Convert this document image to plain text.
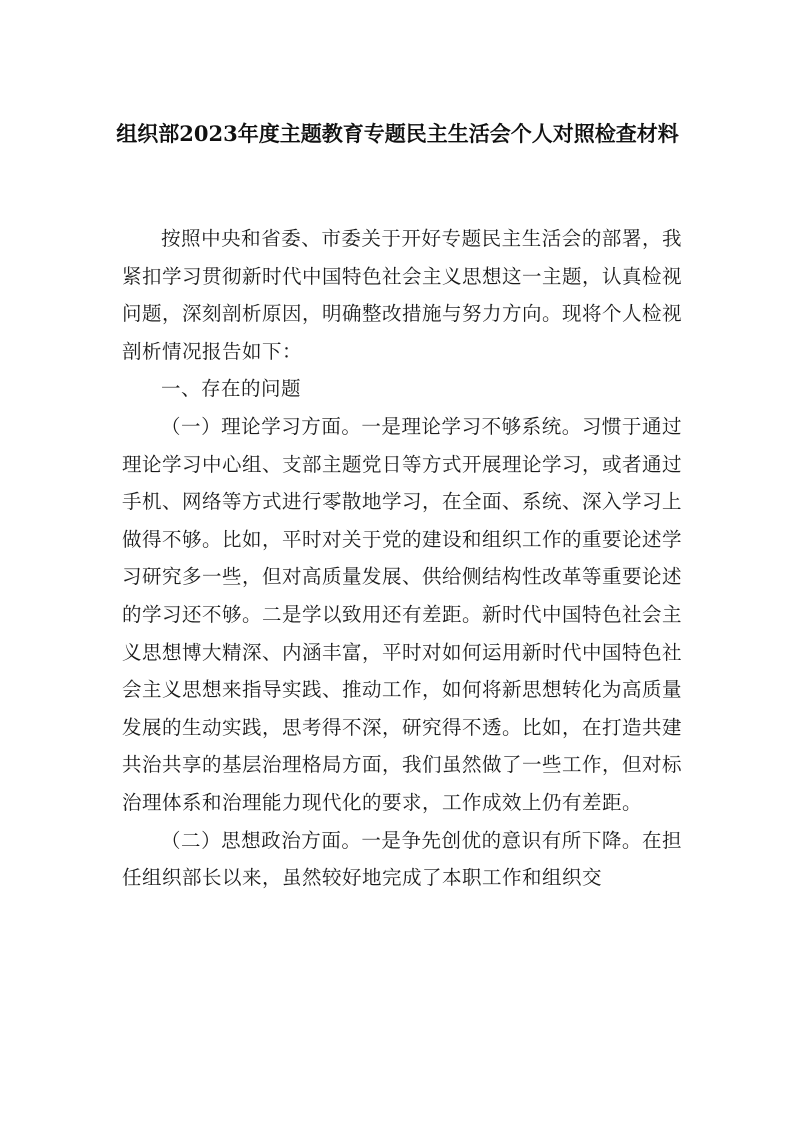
组织部2023年度主题教育专题民主生活会个人对照检查材料

按照中央和省委、市委关于开好专题民主生活会的部署，我紧扣学习贯彻新时代中国特色社会主义思想这一主题，认真检视问题，深刻剖析原因，明确整改措施与努力方向。现将个人检视剖析情况报告如下：

一、存在的问题

（一）理论学习方面。一是理论学习不够系统。习惯于通过理论学习中心组、支部主题党日等方式开展理论学习，或者通过手机、网络等方式进行零散地学习，在全面、系统、深入学习上做得不够。比如，平时对关于党的建设和组织工作的重要论述学习研究多一些，但对高质量发展、供给侧结构性改革等重要论述的学习还不够。二是学以致用还有差距。新时代中国特色社会主义思想博大精深、内涵丰富，平时对如何运用新时代中国特色社会主义思想来指导实践、推动工作，如何将新思想转化为高质量发展的生动实践，思考得不深，研究得不透。比如，在打造共建共治共享的基层治理格局方面，我们虽然做了一些工作，但对标治理体系和治理能力现代化的要求，工作成效上仍有差距。

（二）思想政治方面。一是争先创优的意识有所下降。在担任组织部长以来，虽然较好地完成了本职工作和组织交
